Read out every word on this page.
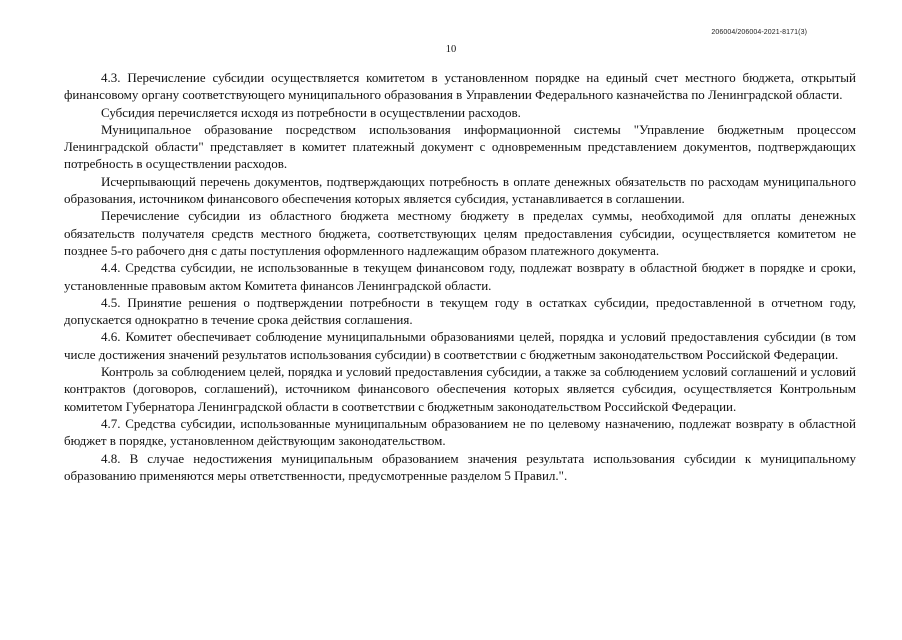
206004/206004-2021-8171(3)
10

4.3. Перечисление субсидии осуществляется комитетом в установленном порядке на единый счет местного бюджета, открытый финансовому органу соответствующего муниципального образования в Управлении Федерального казначейства по Ленинградской области.

Субсидия перечисляется исходя из потребности в осуществлении расходов.

Муниципальное образование посредством использования информационной системы "Управление бюджетным процессом Ленинградской области" представляет в комитет платежный документ с одновременным представлением документов, подтверждающих потребность в осуществлении расходов.

Исчерпывающий перечень документов, подтверждающих потребность в оплате денежных обязательств по расходам муниципального образования, источником финансового обеспечения которых является субсидия, устанавливается в соглашении.

Перечисление субсидии из областного бюджета местному бюджету в пределах суммы, необходимой для оплаты денежных обязательств получателя средств местного бюджета, соответствующих целям предоставления субсидии, осуществляется комитетом не позднее 5-го рабочего дня с даты поступления оформленного надлежащим образом платежного документа.

4.4. Средства субсидии, не использованные в текущем финансовом году, подлежат возврату в областной бюджет в порядке и сроки, установленные правовым актом Комитета финансов Ленинградской области.

4.5. Принятие решения о подтверждении потребности в текущем году в остатках субсидии, предоставленной в отчетном году, допускается однократно в течение срока действия соглашения.

4.6. Комитет обеспечивает соблюдение муниципальными образованиями целей, порядка и условий предоставления субсидии (в том числе достижения значений результатов использования субсидии) в соответствии с бюджетным законодательством Российской Федерации.

Контроль за соблюдением целей, порядка и условий предоставления субсидии, а также за соблюдением условий соглашений и условий контрактов (договоров, соглашений), источником финансового обеспечения которых является субсидия, осуществляется Контрольным комитетом Губернатора Ленинградской области в соответствии с бюджетным законодательством Российской Федерации.

4.7. Средства субсидии, использованные муниципальным образованием не по целевому назначению, подлежат возврату в областной бюджет в порядке, установленном действующим законодательством.

4.8. В случае недостижения муниципальным образованием значения результата использования субсидии к муниципальному образованию применяются меры ответственности, предусмотренные разделом 5 Правил.".
